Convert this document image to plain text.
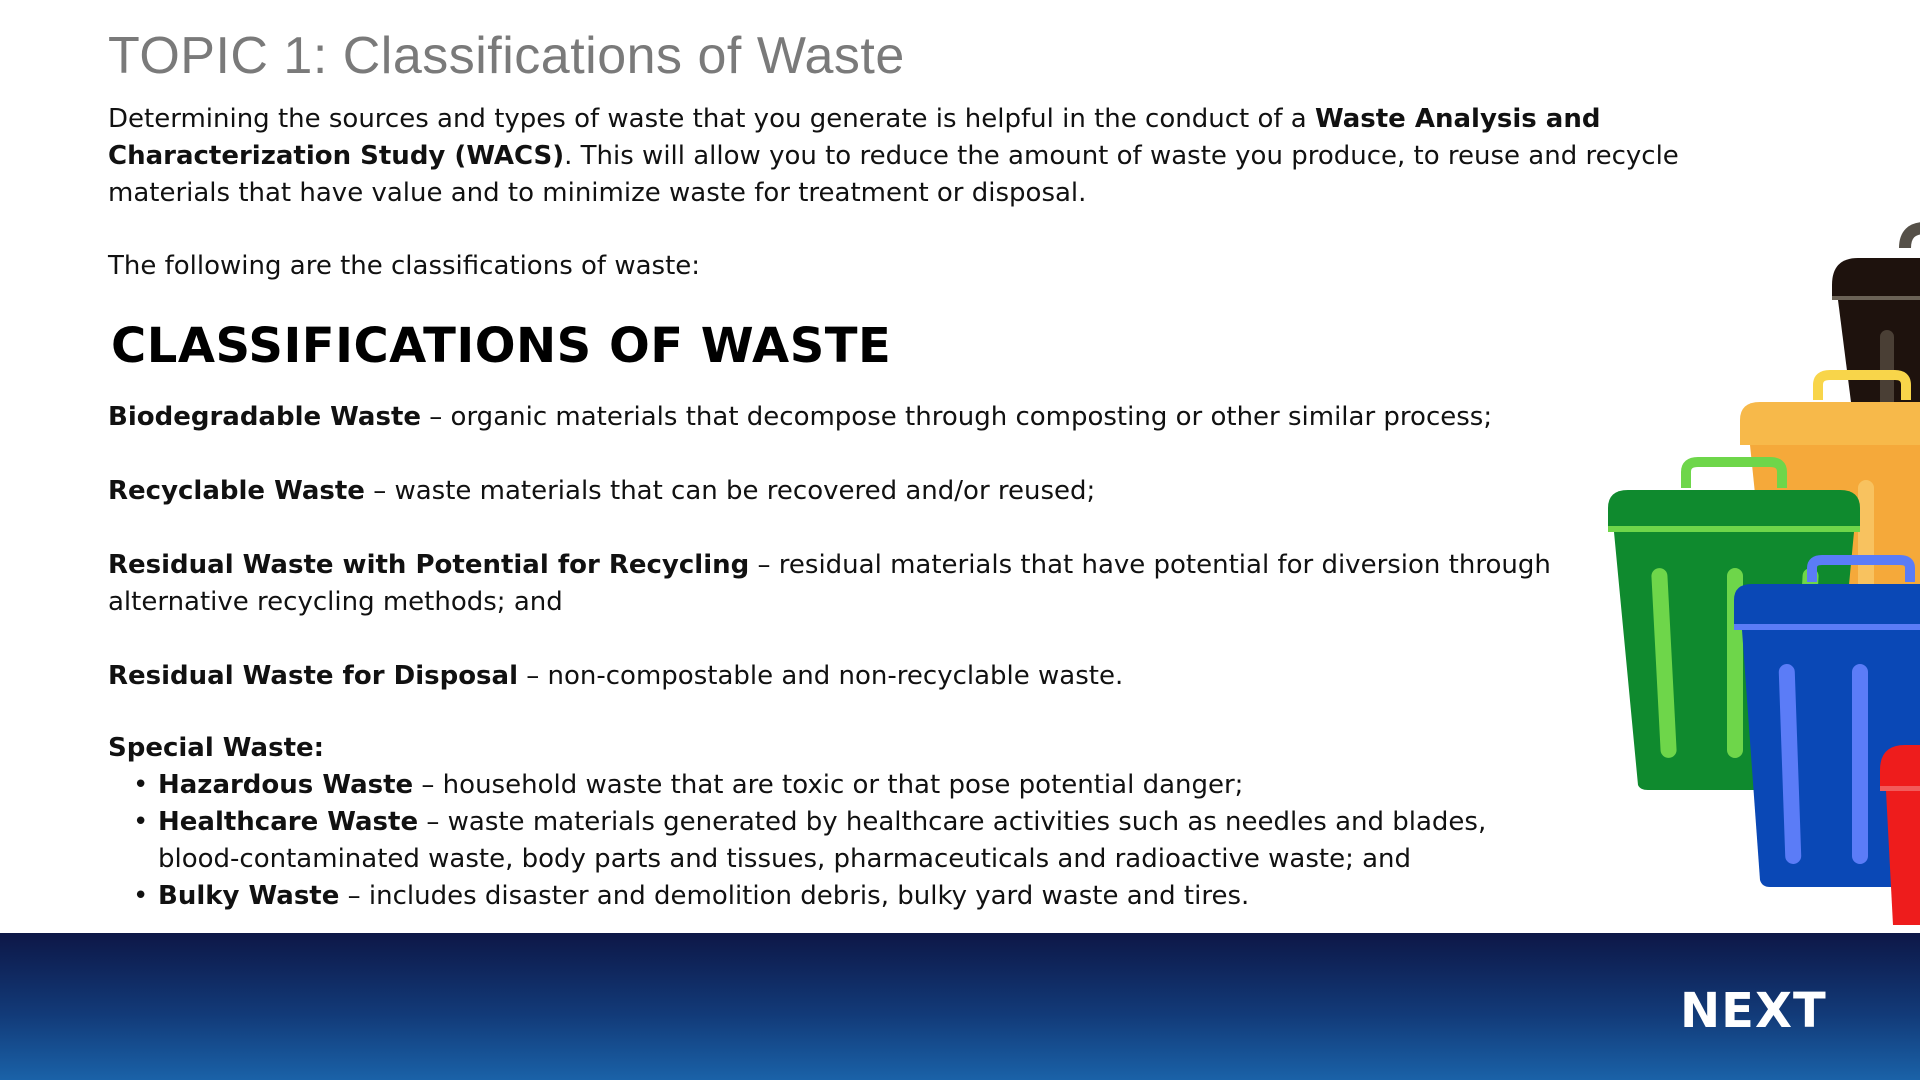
TOPIC 1: Classifications of Waste

Determining the sources and types of waste that you generate is helpful in the conduct of a Waste Analysis and Characterization Study (WACS). This will allow you to reduce the amount of waste you produce, to reuse and recycle materials that have value and to minimize waste for treatment or disposal.

The following are the classifications of waste:

CLASSIFICATIONS OF WASTE

Biodegradable Waste – organic materials that decompose through composting or other similar process;

Recyclable Waste – waste materials that can be recovered and/or reused;

Residual Waste with Potential for Recycling – residual materials that have potential for diversion through alternative recycling methods; and

Residual Waste for Disposal – non-compostable and non-recyclable waste.

Special Waste:

• Hazardous Waste – household waste that are toxic or that pose potential danger;
• Healthcare Waste – waste materials generated by healthcare activities such as needles and blades, blood-contaminated waste, body parts and tissues, pharmaceuticals and radioactive waste; and
• Bulky Waste – includes disaster and demolition debris, bulky yard waste and tires.
NEXT
